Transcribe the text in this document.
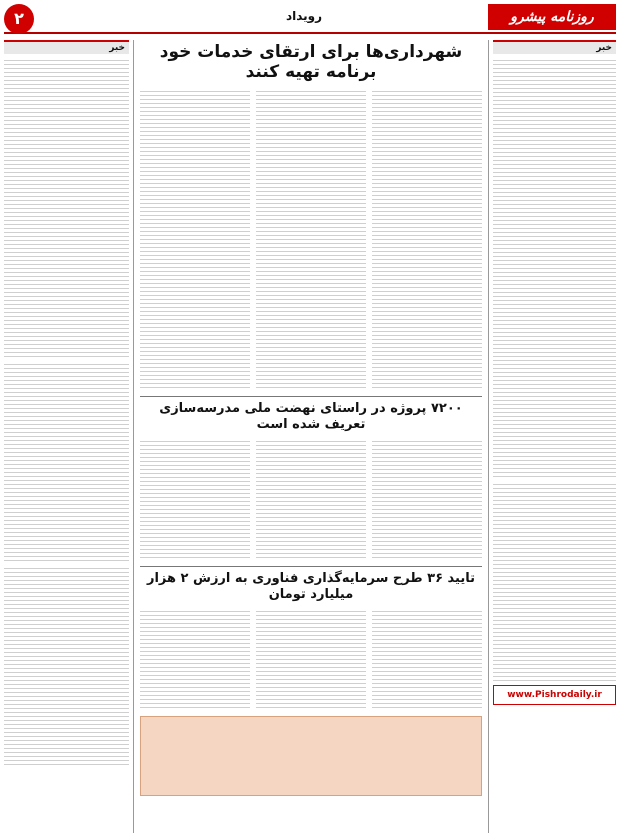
۲	رویداد	روزنامه پیشرو
خبر
www.Pishrodaily.ir
شهرداری‌ها برای ارتقای خدمات خود برنامه تهیه کنند
۷۲۰۰ پروژه در راستای نهضت ملی مدرسه‌سازی تعریف شده است
تایید ۳۶ طرح سرمایه‌گذاری فناوری به ارزش ۲ هزار میلیارد تومان
خبر
